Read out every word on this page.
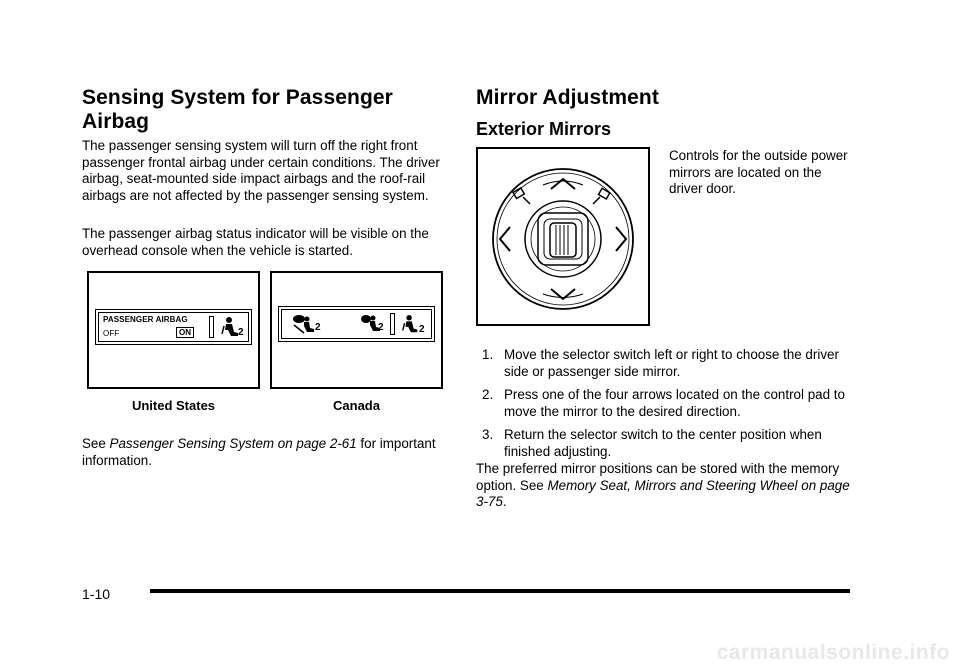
Sensing System for Passenger
Airbag
The passenger sensing system will turn off the right front passenger frontal airbag under certain conditions. The driver airbag, seat-mounted side impact airbags and the roof-rail airbags are not affected by the passenger sensing system.
The passenger airbag status indicator will be visible on the overhead console when the vehicle is started.
PASSENGER AIRBAG
OFF	ON	2
United States
2	2	2
Canada
See Passenger Sensing System on page 2-61 for important information.
Mirror Adjustment
Exterior Mirrors
Controls for the outside power mirrors are located on the driver door.
1. Move the selector switch left or right to choose the driver side or passenger side mirror.
2. Press one of the four arrows located on the control pad to move the mirror to the desired direction.
3. Return the selector switch to the center position when finished adjusting.
The preferred mirror positions can be stored with the memory option. See Memory Seat, Mirrors and Steering Wheel on page 3-75.
1-10
carmanualsonline.info
